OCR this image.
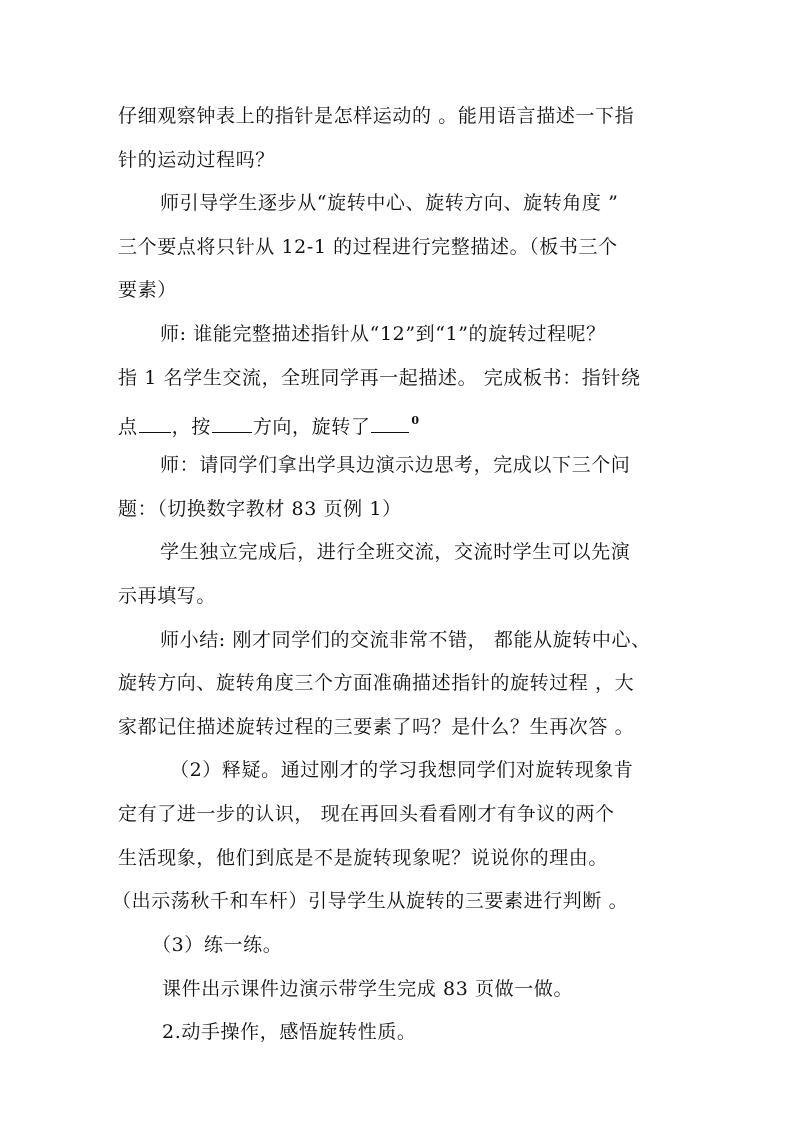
仔细观察钟表上的指针是怎样运动的 。能用语言描述一下指
针的运动过程吗？
师引导学生逐步从“旋转中心、旋转方向、旋转角度 ”
三个要点将只针从 12-1 的过程进行完整描述。（板书三个
要素）
师: 谁能完整描述指针从“12”到“1”的旋转过程呢？
指 1 名学生交流，全班同学再一起描述。 完成板书：指针绕
点 ，按 方向，旋转了	$^0$
师：请同学们拿出学具边演示边思考，完成以下三个问
题：（切换数字教材 83 页例 1）
学生独立完成后，进行全班交流，交流时学生可以先演
示再填写。
师小结: 刚才同学们的交流非常不错， 都能从旋转中心、
旋转方向、旋转角度三个方面准确描述指针的旋转过程 ，大
家都记住描述旋转过程的三要素了吗？是什么？生再次答 。
（2）释疑。通过刚才的学习我想同学们对旋转现象肯
定有了进一步的认识， 现在再回头看看刚才有争议的两个
生活现象，他们到底是不是旋转现象呢？说说你的理由。
（出示荡秋千和车杆）引导学生从旋转的三要素进行判断 。
（3）练一练。
课件出示课件边演示带学生完成 83 页做一做。
2.动手操作，感悟旋转性质。
